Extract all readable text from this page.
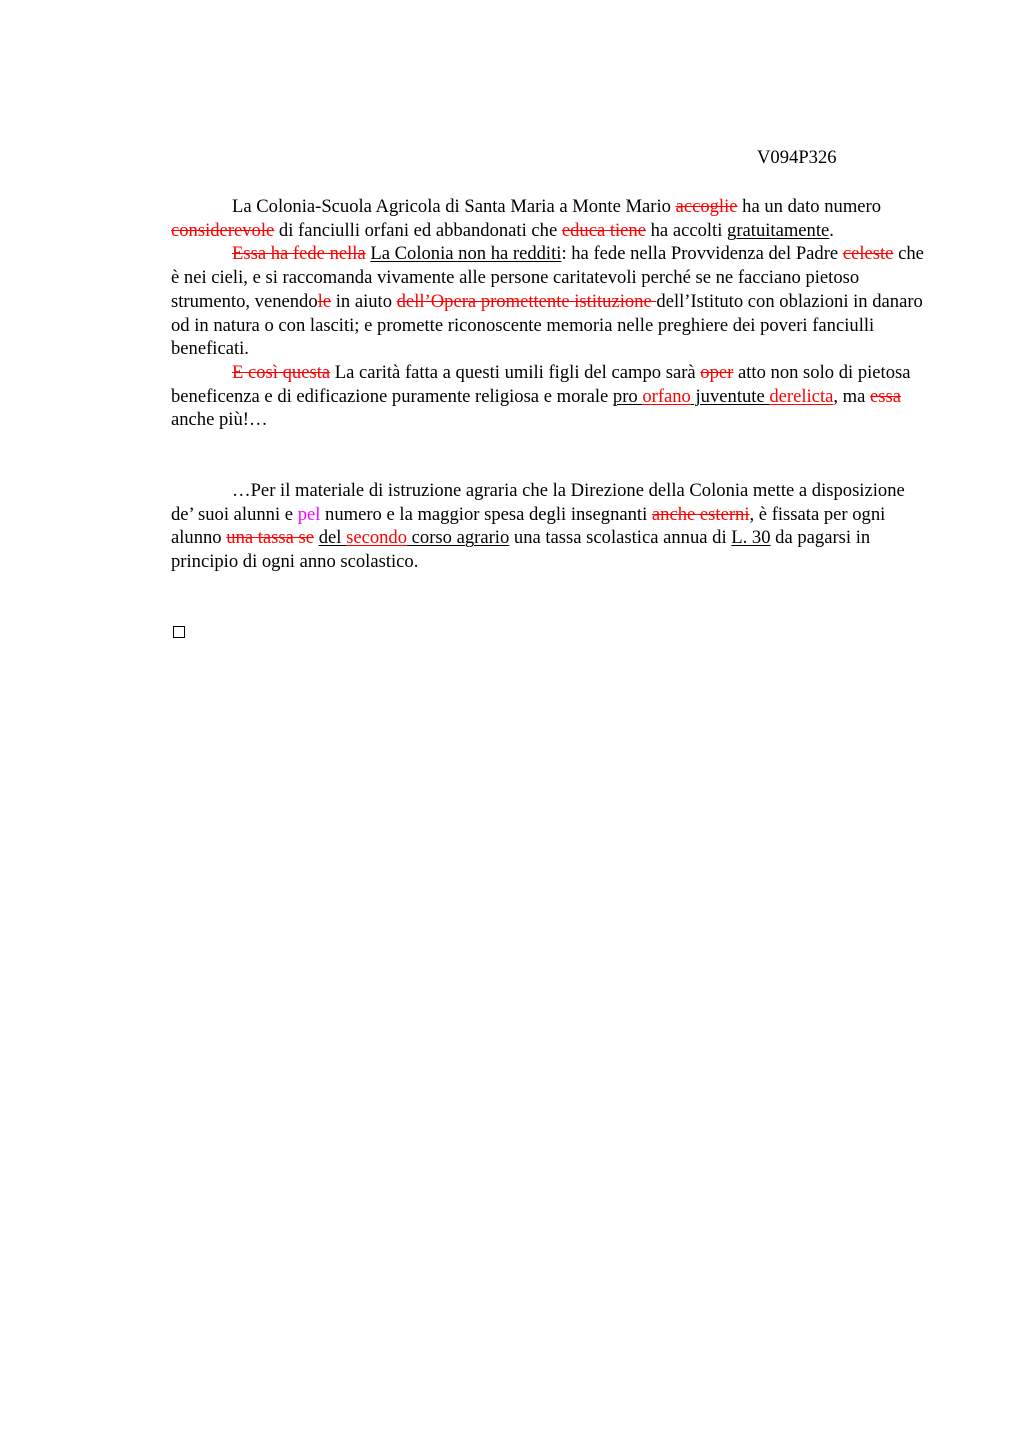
V094P326

La Colonia-Scuola Agricola di Santa Maria a Monte Mario accoglie ha un dato numero considerevole di fanciulli orfani ed abbandonati che educa tiene ha accolti gratuitamente.

Essa ha fede nella La Colonia non ha redditi: ha fede nella Provvidenza del Padre celeste che è nei cieli, e si raccomanda vivamente alle persone caritatevoli perché se ne facciano pietoso strumento, venendole in aiuto dell’Opera promettente istituzione dell’Istituto con oblazioni in danaro od in natura o con lasciti; e promette riconoscente memoria nelle preghiere dei poveri fanciulli beneficati.

E così questa La carità fatta a questi umili figli del campo sarà oper atto non solo di pietosa beneficenza e di edificazione puramente religiosa e morale pro orfano juventute derelicta, ma essa anche più!…

…Per il materiale di istruzione agraria che la Direzione della Colonia mette a disposizione de’ suoi alunni e pel numero e la maggior spesa degli insegnanti anche esterni, è fissata per ogni alunno una tassa se del secondo corso agrario una tassa scolastica annua di L. 30 da pagarsi in principio di ogni anno scolastico.
